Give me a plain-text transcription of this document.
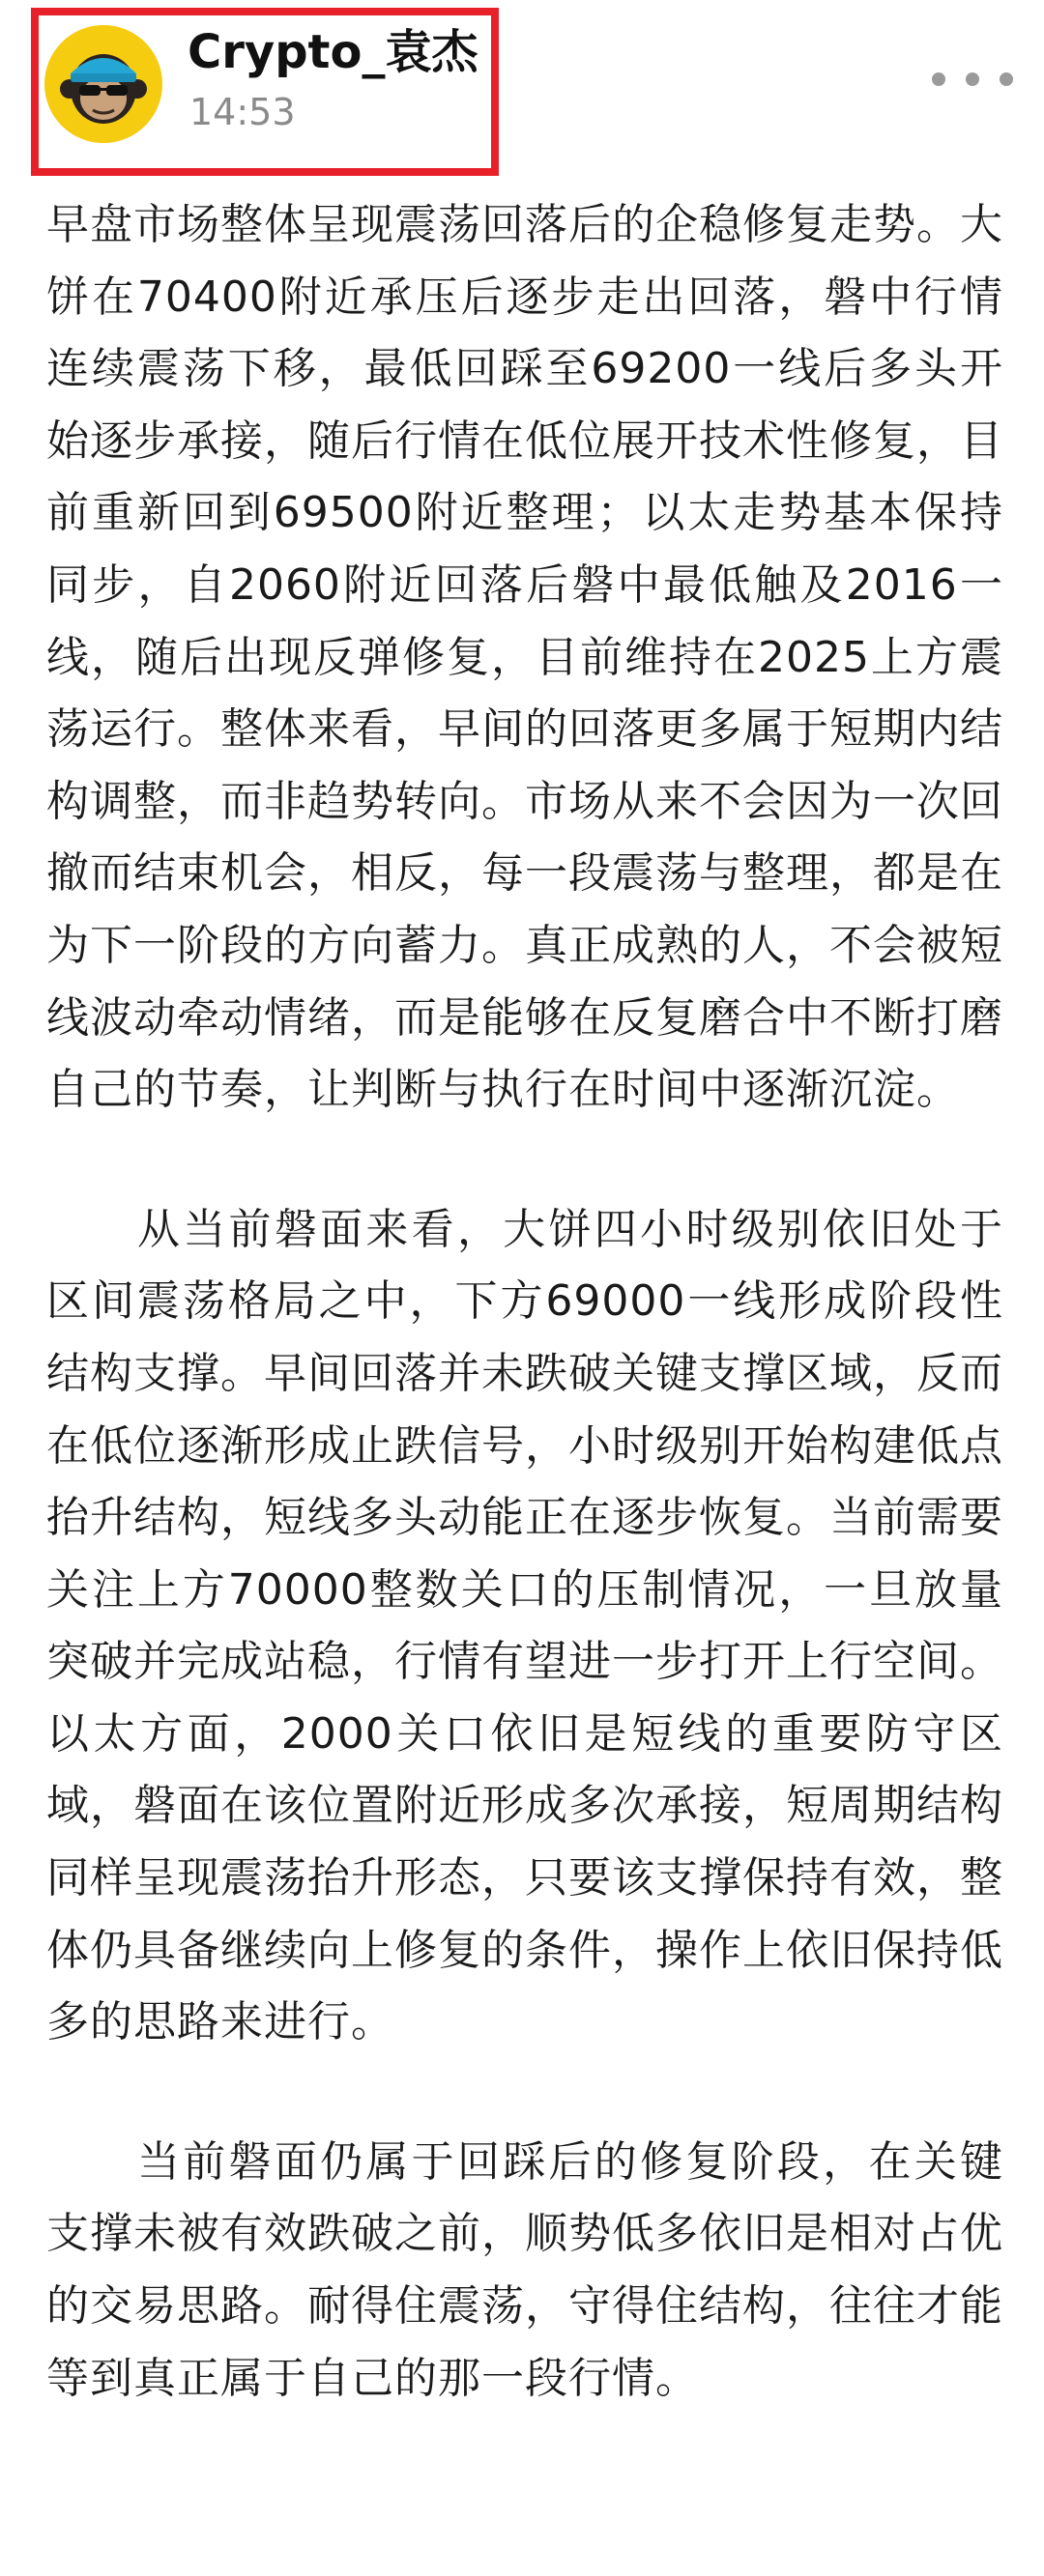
Crypto_袁杰
14:53

早盘市场整体呈现震荡回落后的企稳修复走势。大饼在70400附近承压后逐步走出回落，磐中行情连续震荡下移，最低回踩至69200一线后多头开始逐步承接，随后行情在低位展开技术性修复，目前重新回到69500附近整理；以太走势基本保持同步，自2060附近回落后磐中最低触及2016一线，随后出现反弹修复，目前维持在2025上方震荡运行。整体来看，早间的回落更多属于短期内结构调整，而非趋势转向。市场从来不会因为一次回撤而结束机会，相反，每一段震荡与整理，都是在为下一阶段的方向蓄力。真正成熟的人，不会被短线波动牵动情绪，而是能够在反复磨合中不断打磨自己的节奏，让判断与执行在时间中逐渐沉淀。

从当前磐面来看，大饼四小时级别依旧处于区间震荡格局之中，下方69000一线形成阶段性结构支撑。早间回落并未跌破关键支撑区域，反而在低位逐渐形成止跌信号，小时级别开始构建低点抬升结构，短线多头动能正在逐步恢复。当前需要关注上方70000整数关口的压制情况，一旦放量突破并完成站稳，行情有望进一步打开上行空间。以太方面，2000关口依旧是短线的重要防守区域，磐面在该位置附近形成多次承接，短周期结构同样呈现震荡抬升形态，只要该支撑保持有效，整体仍具备继续向上修复的条件，操作上依旧保持低多的思路来进行。

当前磐面仍属于回踩后的修复阶段，在关键支撑未被有效跌破之前，顺势低多依旧是相对占优的交易思路。耐得住震荡，守得住结构，往往才能等到真正属于自己的那一段行情。
